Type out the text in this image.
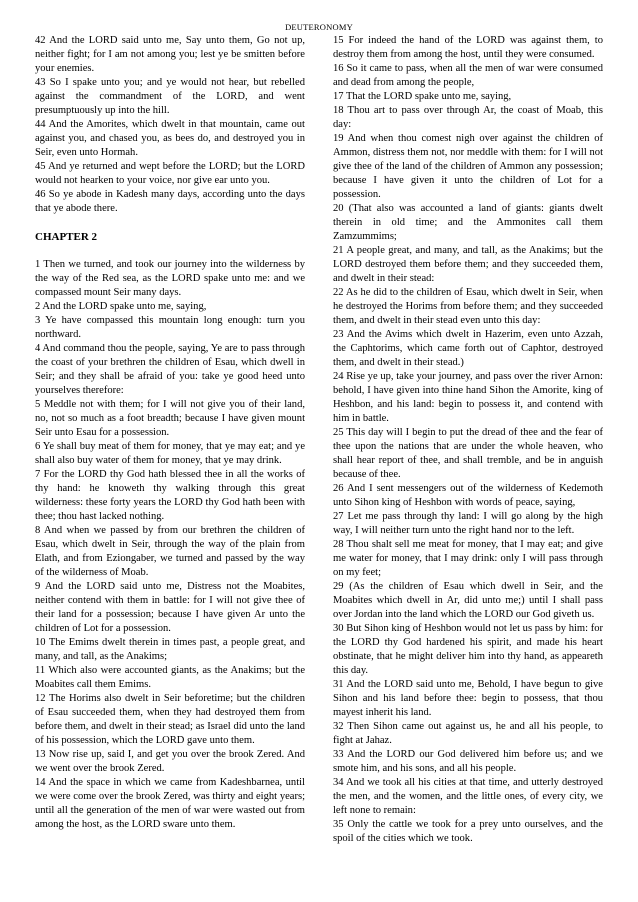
DEUTERONOMY

42 And the LORD said unto me, Say unto them, Go not up, neither fight; for I am not among you; lest ye be smitten before your enemies.

43 So I spake unto you; and ye would not hear, but rebelled against the commandment of the LORD, and went presumptuously up into the hill.

44 And the Amorites, which dwelt in that mountain, came out against you, and chased you, as bees do, and destroyed you in Seir, even unto Hormah.

45 And ye returned and wept before the LORD; but the LORD would not hearken to your voice, nor give ear unto you.

46 So ye abode in Kadesh many days, according unto the days that ye abode there.

CHAPTER 2

1 Then we turned, and took our journey into the wilderness by the way of the Red sea, as the LORD spake unto me: and we compassed mount Seir many days.

2 And the LORD spake unto me, saying,

3 Ye have compassed this mountain long enough: turn you northward.

4 And command thou the people, saying, Ye are to pass through the coast of your brethren the children of Esau, which dwell in Seir; and they shall be afraid of you: take ye good heed unto yourselves therefore:

5 Meddle not with them; for I will not give you of their land, no, not so much as a foot breadth; because I have given mount Seir unto Esau for a possession.

6 Ye shall buy meat of them for money, that ye may eat; and ye shall also buy water of them for money, that ye may drink.

7 For the LORD thy God hath blessed thee in all the works of thy hand: he knoweth thy walking through this great wilderness: these forty years the LORD thy God hath been with thee; thou hast lacked nothing.

8 And when we passed by from our brethren the children of Esau, which dwelt in Seir, through the way of the plain from Elath, and from Eziongaber, we turned and passed by the way of the wilderness of Moab.

9 And the LORD said unto me, Distress not the Moabites, neither contend with them in battle: for I will not give thee of their land for a possession; because I have given Ar unto the children of Lot for a possession.

10 The Emims dwelt therein in times past, a people great, and many, and tall, as the Anakims;

11 Which also were accounted giants, as the Anakims; but the Moabites call them Emims.

12 The Horims also dwelt in Seir beforetime; but the children of Esau succeeded them, when they had destroyed them from before them, and dwelt in their stead; as Israel did unto the land of his possession, which the LORD gave unto them.

13 Now rise up, said I, and get you over the brook Zered. And we went over the brook Zered.

14 And the space in which we came from Kadeshbarnea, until we were come over the brook Zered, was thirty and eight years; until all the generation of the men of war were wasted out from among the host, as the LORD sware unto them.

15 For indeed the hand of the LORD was against them, to destroy them from among the host, until they were consumed.

16 So it came to pass, when all the men of war were consumed and dead from among the people,

17 That the LORD spake unto me, saying,

18 Thou art to pass over through Ar, the coast of Moab, this day:

19 And when thou comest nigh over against the children of Ammon, distress them not, nor meddle with them: for I will not give thee of the land of the children of Ammon any possession; because I have given it unto the children of Lot for a possession.

20 (That also was accounted a land of giants: giants dwelt therein in old time; and the Ammonites call them Zamzummims;

21 A people great, and many, and tall, as the Anakims; but the LORD destroyed them before them; and they succeeded them, and dwelt in their stead:

22 As he did to the children of Esau, which dwelt in Seir, when he destroyed the Horims from before them; and they succeeded them, and dwelt in their stead even unto this day:

23 And the Avims which dwelt in Hazerim, even unto Azzah, the Caphtorims, which came forth out of Caphtor, destroyed them, and dwelt in their stead.)

24 Rise ye up, take your journey, and pass over the river Arnon: behold, I have given into thine hand Sihon the Amorite, king of Heshbon, and his land: begin to possess it, and contend with him in battle.

25 This day will I begin to put the dread of thee and the fear of thee upon the nations that are under the whole heaven, who shall hear report of thee, and shall tremble, and be in anguish because of thee.

26 And I sent messengers out of the wilderness of Kedemoth unto Sihon king of Heshbon with words of peace, saying,

27 Let me pass through thy land: I will go along by the high way, I will neither turn unto the right hand nor to the left.

28 Thou shalt sell me meat for money, that I may eat; and give me water for money, that I may drink: only I will pass through on my feet;

29 (As the children of Esau which dwell in Seir, and the Moabites which dwell in Ar, did unto me;) until I shall pass over Jordan into the land which the LORD our God giveth us.

30 But Sihon king of Heshbon would not let us pass by him: for the LORD thy God hardened his spirit, and made his heart obstinate, that he might deliver him into thy hand, as appeareth this day.

31 And the LORD said unto me, Behold, I have begun to give Sihon and his land before thee: begin to possess, that thou mayest inherit his land.

32 Then Sihon came out against us, he and all his people, to fight at Jahaz.

33 And the LORD our God delivered him before us; and we smote him, and his sons, and all his people.

34 And we took all his cities at that time, and utterly destroyed the men, and the women, and the little ones, of every city, we left none to remain:

35 Only the cattle we took for a prey unto ourselves, and the spoil of the cities which we took.
